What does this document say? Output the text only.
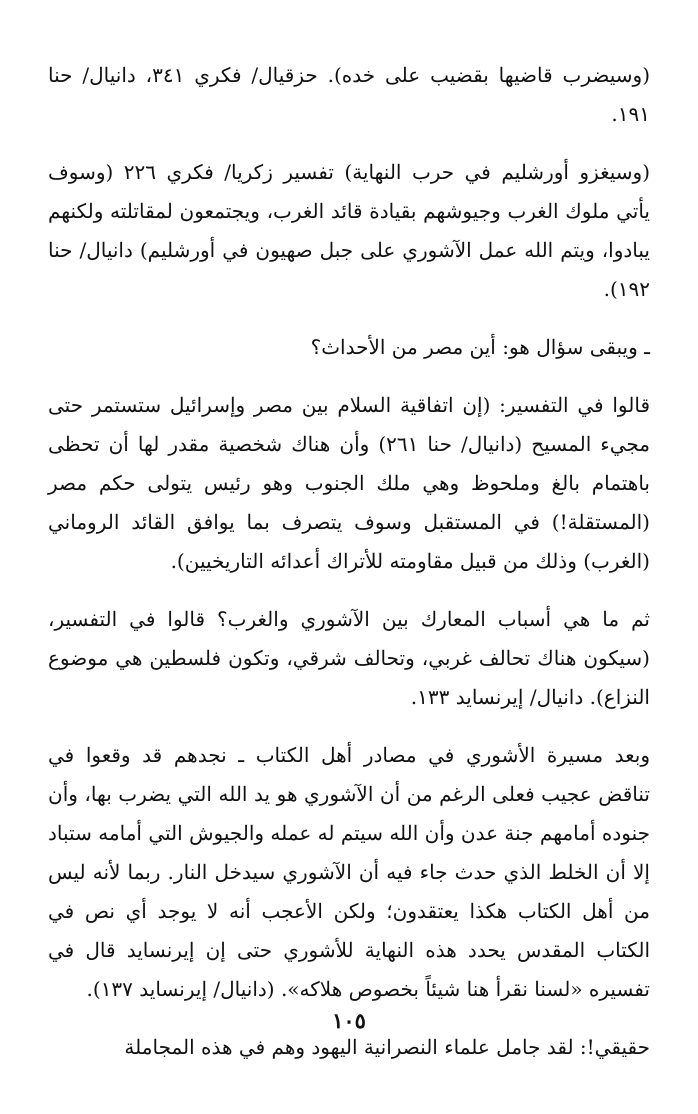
(وسيضرب قاضيها بقضيب على خده). حزقيال/ فكري ٣٤١، دانيال/ حنا ١٩١.

(وسيغزو أورشليم في حرب النهاية) تفسير زكريا/ فكري ٢٢٦ (وسوف يأتي ملوك الغرب وجيوشهم بقيادة قائد الغرب، ويجتمعون لمقاتلته ولكنهم يبادوا، ويتم الله عمل الآشوري على جبل صهيون في أورشليم) دانيال/ حنا ١٩٢).

ـ ويبقى سؤال هو: أين مصر من الأحداث؟

قالوا في التفسير: (إن اتفاقية السلام بين مصر وإسرائيل ستستمر حتى مجيء المسيح (دانيال/ حنا ٢٦١) وأن هناك شخصية مقدر لها أن تحظى باهتمام بالغ وملحوظ وهي ملك الجنوب وهو رئيس يتولى حكم مصر (المستقلة!) في المستقبل وسوف يتصرف بما يوافق القائد الروماني (الغرب) وذلك من قبيل مقاومته للأتراك أعدائه التاريخيين).

ثم ما هي أسباب المعارك بين الآشوري والغرب؟ قالوا في التفسير، (سيكون هناك تحالف غربي، وتحالف شرقي، وتكون فلسطين هي موضوع النزاع). دانيال/ إيرنسايد ١٣٣.

وبعد مسيرة الأشوري في مصادر أهل الكتاب ـ نجدهم قد وقعوا في تناقض عجيب فعلى الرغم من أن الآشوري هو يد الله التي يضرب بها، وأن جنوده أمامهم جنة عدن وأن الله سيتم له عمله والجيوش التي أمامه ستباد إلا أن الخلط الذي حدث جاء فيه أن الآشوري سيدخل النار. ربما لأنه ليس من أهل الكتاب هكذا يعتقدون؛ ولكن الأعجب أنه لا يوجد أي نص في الكتاب المقدس يحدد هذه النهاية للأشوري حتى إن إيرنسايد قال في تفسيره «لسنا نقرأ هنا شيئاً بخصوص هلاكه». (دانيال/ إيرنسايد ١٣٧).

حقيقي!: لقد جامل علماء النصرانية اليهود وهم في هذه المجاملة

١٠٥
